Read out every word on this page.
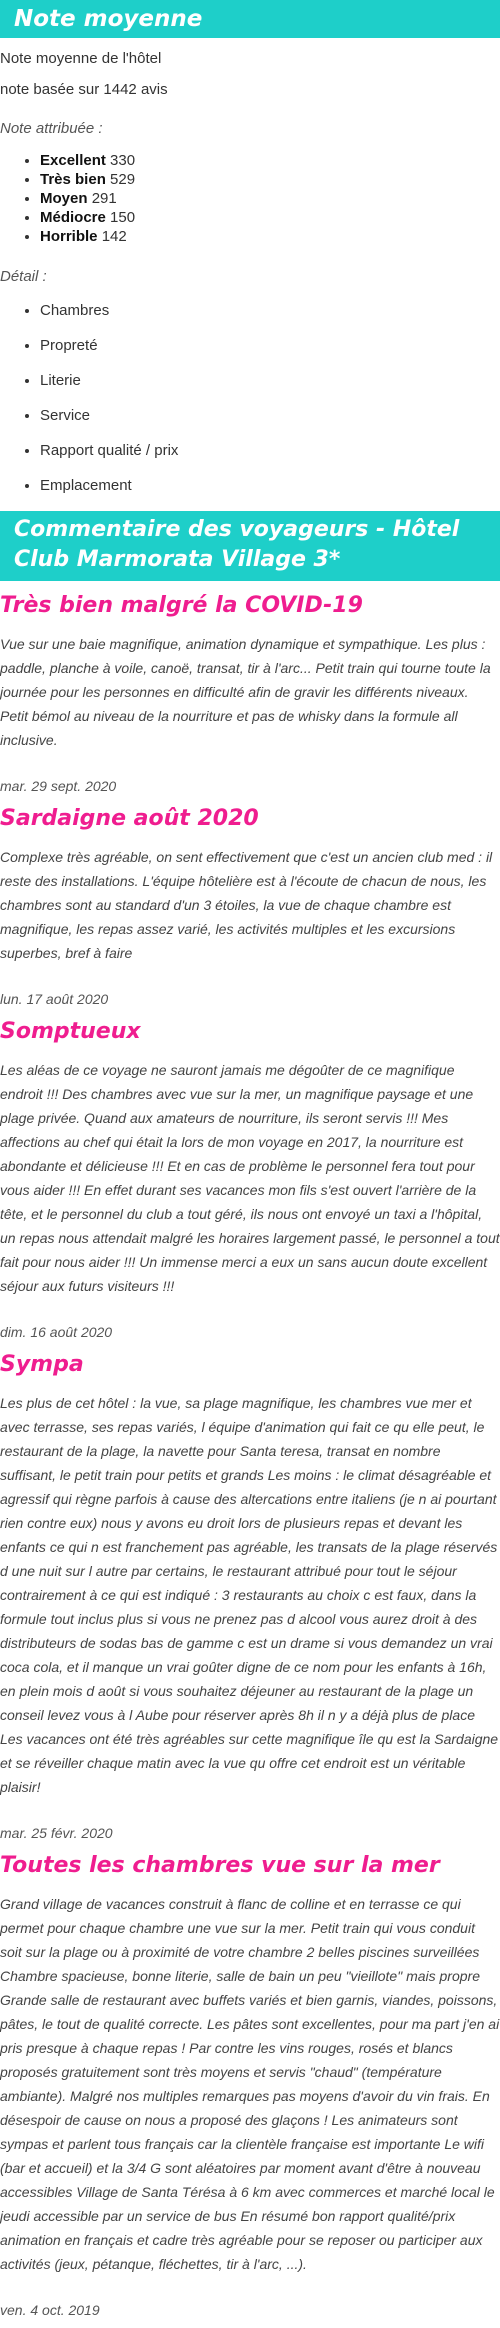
Note moyenne

Note moyenne de l'hôtel

note basée sur 1442 avis

Note attribuée :

• Excellent 330
• Très bien 529
• Moyen 291
• Médiocre 150
• Horrible 142

Détail :

• Chambres
• Propreté
• Literie
• Service
• Rapport qualité / prix
• Emplacement
Commentaire des voyageurs - Hôtel Club Marmorata Village 3*
Très bien malgré la COVID-19

Vue sur une baie magnifique, animation dynamique et sympathique. Les plus : paddle, planche à voile, canoë, transat, tir à l'arc... Petit train qui tourne toute la journée pour les personnes en difficulté afin de gravir les différents niveaux. Petit bémol au niveau de la nourriture et pas de whisky dans la formule all inclusive.

mar. 29 sept. 2020

Sardaigne août 2020

Complexe très agréable, on sent effectivement que c'est un ancien club med : il reste des installations. L'équipe hôtelière est à l'écoute de chacun de nous, les chambres sont au standard d'un 3 étoiles, la vue de chaque chambre est magnifique, les repas assez varié, les activités multiples et les excursions superbes, bref à faire

lun. 17 août 2020

Somptueux

Les aléas de ce voyage ne sauront jamais me dégoûter de ce magnifique endroit !!! Des chambres avec vue sur la mer, un magnifique paysage et une plage privée. Quand aux amateurs de nourriture, ils seront servis !!! Mes affections au chef qui était la lors de mon voyage en 2017, la nourriture est abondante et délicieuse !!! Et en cas de problème le personnel fera tout pour vous aider !!! En effet durant ses vacances mon fils s'est ouvert l'arrière de la tête, et le personnel du club a tout géré, ils nous ont envoyé un taxi a l'hôpital, un repas nous attendait malgré les horaires largement passé, le personnel a tout fait pour nous aider !!! Un immense merci a eux un sans aucun doute excellent séjour aux futurs visiteurs !!!

dim. 16 août 2020

Sympa

Les plus de cet hôtel : la vue, sa plage magnifique, les chambres vue mer et avec terrasse, ses repas variés, l équipe d'animation qui fait ce qu elle peut, le restaurant de la plage, la navette pour Santa teresa, transat en nombre suffisant, le petit train pour petits et grands Les moins : le climat désagréable et agressif qui règne parfois à cause des altercations entre italiens (je n ai pourtant rien contre eux) nous y avons eu droit lors de plusieurs repas et devant les enfants ce qui n est franchement pas agréable, les transats de la plage réservés d une nuit sur l autre par certains, le restaurant attribué pour tout le séjour contrairement à ce qui est indiqué : 3 restaurants au choix c est faux, dans la formule tout inclus plus si vous ne prenez pas d alcool vous aurez droit à des distributeurs de sodas bas de gamme c est un drame si vous demandez un vrai coca cola, et il manque un vrai goûter digne de ce nom pour les enfants à 16h, en plein mois d août si vous souhaitez déjeuner au restaurant de la plage un conseil levez vous à l Aube pour réserver après 8h il n y a déjà plus de place Les vacances ont été très agréables sur cette magnifique île qu est la Sardaigne et se réveiller chaque matin avec la vue qu offre cet endroit est un véritable plaisir!

mar. 25 févr. 2020

Toutes les chambres vue sur la mer

Grand village de vacances construit à flanc de colline et en terrasse ce qui permet pour chaque chambre une vue sur la mer. Petit train qui vous conduit soit sur la plage ou à proximité de votre chambre 2 belles piscines surveillées Chambre spacieuse, bonne literie, salle de bain un peu "vieillote" mais propre Grande salle de restaurant avec buffets variés et bien garnis, viandes, poissons, pâtes, le tout de qualité correcte. Les pâtes sont excellentes, pour ma part j'en ai pris presque à chaque repas ! Par contre les vins rouges, rosés et blancs proposés gratuitement sont très moyens et servis "chaud" (température ambiante). Malgré nos multiples remarques pas moyens d'avoir du vin frais. En désespoir de cause on nous a proposé des glaçons ! Les animateurs sont sympas et parlent tous français car la clientèle française est importante Le wifi (bar et accueil) et la 3/4 G sont aléatoires par moment avant d'être à nouveau accessibles Village de Santa Térésa à 6 km avec commerces et marché local le jeudi accessible par un service de bus En résumé bon rapport qualité/prix animation en français et cadre très agréable pour se reposer ou participer aux activités (jeux, pétanque, fléchettes, tir à l'arc, ...).

ven. 4 oct. 2019
